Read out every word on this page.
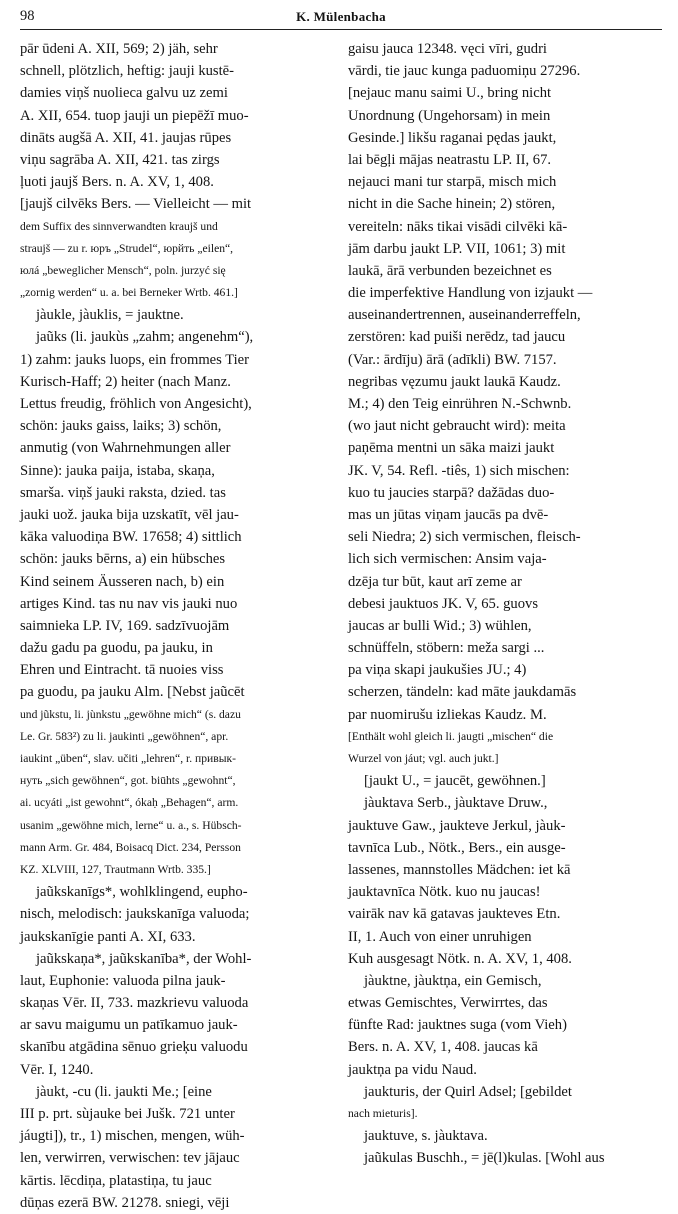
98	K. Mülenbacha
pār ūdeni A. XII, 569; 2) jäh, sehr
schnell, plötzlich, heftig: jauji kustē-
damies viņš nuolieca galvu uz zemi
A. XII, 654. tuop jauji un piepēžī muo-
dināts augšā A. XII, 41. jaujas rūpes
viņu sagrāba A. XII, 421. tas zirgs
ļuoti jaujš Bers. n. A. XV, 1, 408.
[jaujš cilvēks Bers. — Vielleicht — mit
dem Suffix des sinnverwandten kraujš und
straujš — zu r. юръ „Strudel“, юрйть „eilen“,
юлá „beweglicher Mensch“, poln. jurzyć się
„zornig werden“ u. a. bei Berneker Wrtb. 461.]
jàukle, jàuklis, = jauktne.
jaũks (li. jaukùs „zahm; angenehm“),
1) zahm: jauks luops, ein frommes Tier
Kurisch-Haff; 2) heiter (nach Manz.
Lettus freudig, fröhlich von Angesicht),
schön: jauks gaiss, laiks; 3) schön,
anmutig (von Wahrnehmungen aller
Sinne): jauka paija, istaba, skaņa,
smarša. viņš jauki raksta, dzied. tas
jauki uož. jauka bija uzskatīt, vēl jau-
kāka valuodiņa BW. 17658; 4) sittlich
schön: jauks bērns, a) ein hübsches
Kind seinem Äusseren nach, b) ein
artiges Kind. tas nu nav vis jauki nuo
saimnieka LP. IV, 169. sadzīvuojām
dažu gadu pa guodu, pa jauku, in
Ehren und Eintracht. tā nuoies viss
pa guodu, pa jauku Alm. [Nebst jaũcēt
und jũkstu, li. jùnkstu „gewöhne mich“ (s. dazu
Le. Gr. 583²) zu li. jaukinti „gewöhnen“, apr.
iaukint „üben“, slav. učiti „lehren“, r. привык-
нуть „sich gewöhnen“, got. biūhts „gewohnt“,
ai. ucyáti „ist gewohnt“, ókaḥ „Behagen“, arm.
usanim „gewöhne mich, lerne“ u. a., s. Hübsch-
mann Arm. Gr. 484, Boisacq Dict. 234, Persson
KZ. XLVIII, 127, Trautmann Wrtb. 335.]
jaũkskanīgs*, wohlklingend, eupho-
nisch, melodisch: jaukskanīga valuoda;
jaukskanīgie panti A. XI, 633.
jaũkskaņa*, jaũkskanība*, der Wohl-
laut, Euphonie: valuoda pilna jauk-
skaņas Vēr. II, 733. mazkrievu valuoda
ar savu maigumu un patīkamuo jauk-
skanību atgādina sēnuo grieķu valuodu
Vēr. I, 1240.
jàukt, -cu (li. jaukti Me.; [eine
III p. prt. sùjauke bei Jušk. 721 unter
jáugti]), tr., 1) mischen, mengen, wüh-
len, verwirren, verwischen: tev jājauc
kārtis. lēcdiņa, platastiņa, tu jauc
dūņas ezerā BW. 21278. sniegi, vēji
gaisu jauca 12348. vęci vīri, gudri
vārdi, tie jauc kunga paduomiņu 27296.
[nejauc manu saimi U., bring nicht
Unordnung (Ungehorsam) in mein
Gesinde.] likšu raganai pędas jaukt,
lai bēgļi mājas neatrastu LP. II, 67.
nejauci mani tur starpā, misch mich
nicht in die Sache hinein; 2) stören,
vereiteln: nāks tikai visādi cilvēki kā-
jām darbu jaukt LP. VII, 1061; 3) mit
laukā, ārā verbunden bezeichnet es
die imperfektive Handlung von izjaukt —
auseinandertrennen, auseinanderreffeln,
zerstören: kad puiši nerēdz, tad jaucu
(Var.: ārdīju) ārā (adīkli) BW. 7157.
negribas vęzumu jaukt laukā Kaudz.
M.; 4) den Teig einrühren N.-Schwnb.
(wo jaut nicht gebraucht wird): meita
paņēma mentni un sāka maizi jaukt
JK. V, 54. Refl. -tiês, 1) sich mischen:
kuo tu jaucies starpā? dažādas duo-
mas un jūtas viņam jaucās pa dvē-
seli Niedra; 2) sich vermischen, fleisch-
lich sich vermischen: Ansim vaja-
dzēja tur būt, kaut arī zeme ar
debesi jauktuos JK. V, 65. guovs
jaucas ar bulli Wid.; 3) wühlen,
schnüffeln, stöbern: meža sargi ...
pa viņa skapi jaukušies JU.; 4)
scherzen, tändeln: kad māte jaukdamās
par nuomirušu izliekas Kaudz. M.
[Enthält wohl gleich li. jaugti „mischen“ die
Wurzel von jáut; vgl. auch jukt.]
[jaukt U., = jaucēt, gewöhnen.]
jàuktava Serb., jàuktave Druw.,
jauktuve Gaw., jaukteve Jerkul, jàuk-
tavnīca Lub., Nötk., Bers., ein ausge-
lassenes, mannstolles Mädchen: iet kā
jauktavnīca Nötk. kuo nu jaucas!
vairāk nav kā gatavas jaukteves Etn.
II, 1. Auch von einer unruhigen
Kuh ausgesagt Nötk. n. A. XV, 1, 408.
jàuktne, jàuktņa, ein Gemisch,
etwas Gemischtes, Verwirrtes, das
fünfte Rad: jauktnes suga (vom Vieh)
Bers. n. A. XV, 1, 408. jaucas kā
jauktņa pa vidu Naud.
jaukturis, der Quirl Adsel; [gebildet
nach mieturis].
jauktuve, s. jàuktava.
jaũkulas Buschh., = jē(l)kulas. [Wohl aus
